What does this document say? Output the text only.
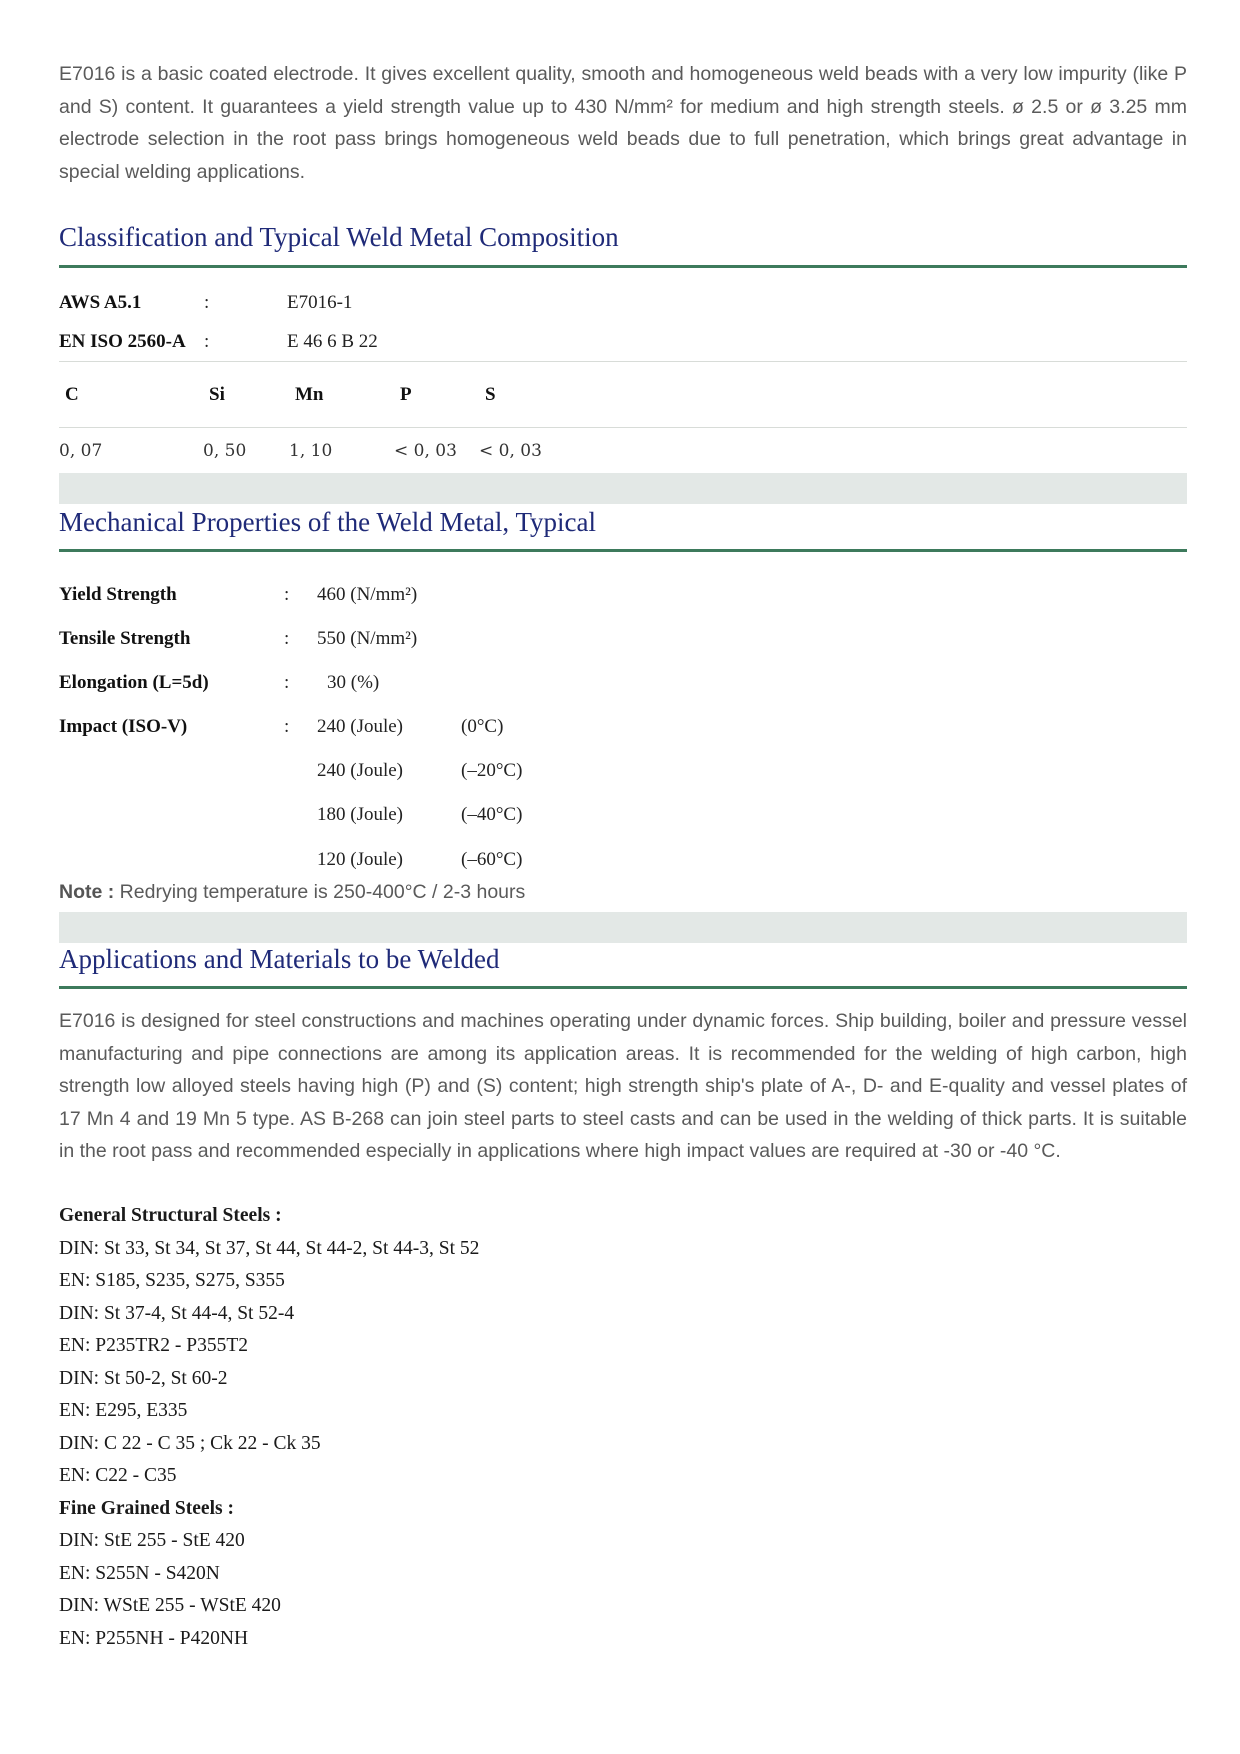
E7016 is a basic coated electrode. It gives excellent quality, smooth and homogeneous weld beads with a very low impurity (like P and S) content. It guarantees a yield strength value up to 430 N/mm² for medium and high strength steels. ø 2.5 or ø 3.25 mm electrode selection in the root pass brings homogeneous weld beads due to full penetration, which brings great advantage in special welding applications.

Classification and Typical Weld Metal Composition
AWS A5.1	:	E7016-1
EN ISO 2560-A :	E 46 6 B 22
C	Si	Mn	P	S
0, 07	0, 50	1, 10	< 0, 03 < 0, 03
Mechanical Properties of the Weld Metal, Typical
Yield Strength	: 460 (N/mm²)
Tensile Strength	: 550 (N/mm²)
Elongation (L=5d)	: 30 (%)
Impact (ISO-V)	: 240 (Joule)	(0°C)
240 (Joule)	(–20°C)
180 (Joule)	(–40°C)
120 (Joule)	(–60°C)
Note : Redrying temperature is 250-400°C / 2-3 hours
Applications and Materials to be Welded

E7016 is designed for steel constructions and machines operating under dynamic forces. Ship building, boiler and pressure vessel manufacturing and pipe connections are among its application areas. It is recommended for the welding of high carbon, high strength low alloyed steels having high (P) and (S) content; high strength ship's plate of A-, D- and E-quality and vessel plates of 17 Mn 4 and 19 Mn 5 type. AS B-268 can join steel parts to steel casts and can be used in the welding of thick parts. It is suitable in the root pass and recommended especially in applications where high impact values are required at -30 or -40 °C.

General Structural Steels :
DIN: St 33, St 34, St 37, St 44, St 44-2, St 44-3, St 52
EN: S185, S235, S275, S355
DIN: St 37-4, St 44-4, St 52-4
EN: P235TR2 - P355T2
DIN: St 50-2, St 60-2
EN: E295, E335
DIN: C 22 - C 35 ; Ck 22 - Ck 35
EN: C22 - C35
Fine Grained Steels :
DIN: StE 255 - StE 420
EN: S255N - S420N
DIN: WStE 255 - WStE 420
EN: P255NH - P420NH
